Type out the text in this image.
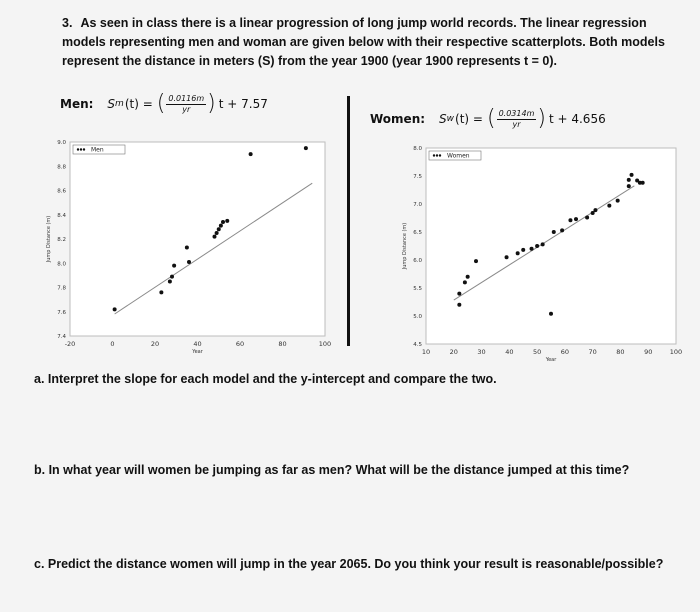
3. As seen in class there is a linear progression of long jump world records. The linear regression models representing men and woman are given below with their respective scatterplots. Both models represent the distance in meters (S) from the year 1900 (year 1900 represents t = 0).
Men: S m (t) = ( $\frac{0.0116m}{yr}$ ) t + 7.57
Women: S w (t) = ( $\frac{0.0314m}{yr}$ ) t + 4.656
-20	0	20	40	60	80	100
7.4
7.6
7.8
8.0
8.2
8.4
8.6
8.8
9.0
Year
Jump Distance (m)
Men
10	20	30	40	50	60	70	80	90	100
4.5
5.0
5.5
6.0
6.5
7.0
7.5
8.0
Year
Jump Distance (m)
Women
a. Interpret the slope for each model and the y-intercept and compare the two.
b. In what year will women be jumping as far as men? What will be the distance jumped at this time?
c. Predict the distance women will jump in the year 2065. Do you think your result is reasonable/possible?
